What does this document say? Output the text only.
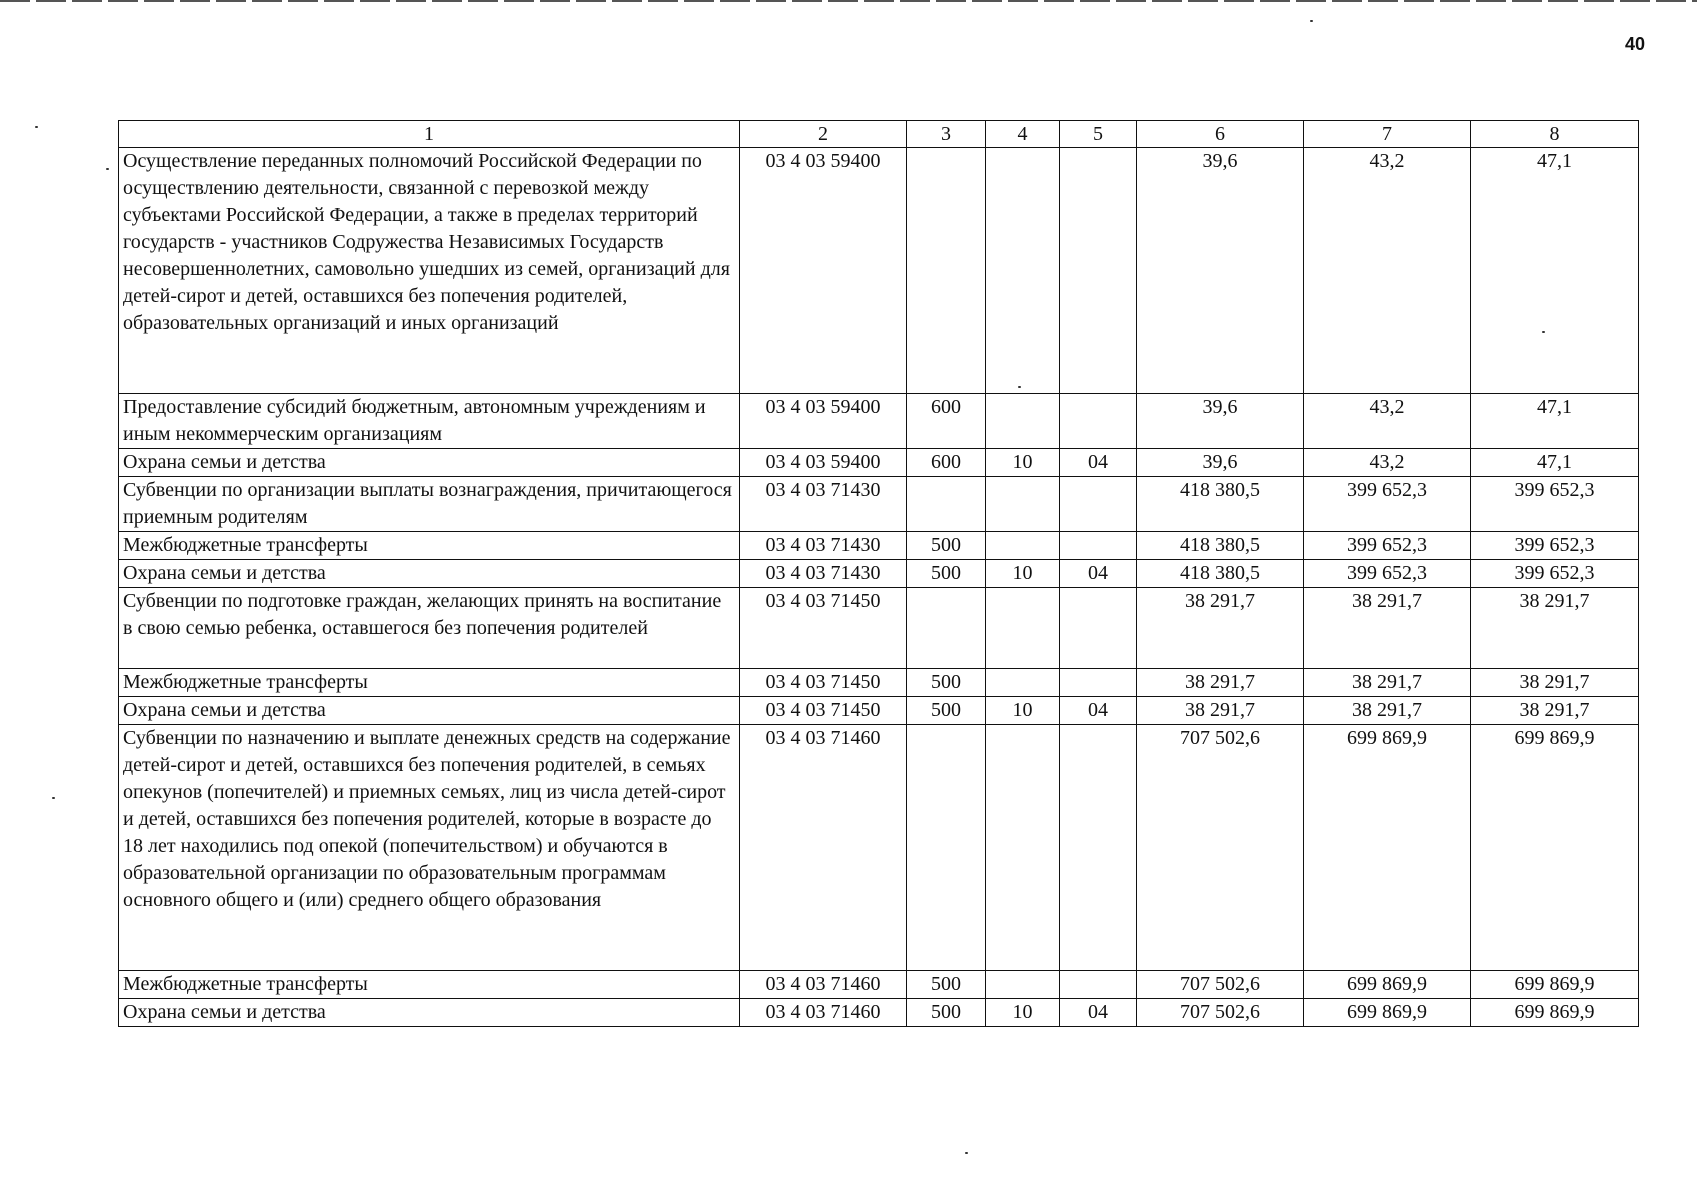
40
1	2	3	4	5	6	7	8
Осуществление переданных полномочий Российской Федерации по осуществлению деятельности, связанной с перевозкой между субъектами Российской Федерации, а также в пределах территорий государств - участников Содружества Независимых Государств несовершеннолетних, самовольно ушедших из семей, организаций для детей-сирот и детей, оставшихся без попечения родителей, образовательных организаций и иных организаций	03 4 03 59400				39,6	43,2	47,1
Предоставление субсидий бюджетным, автономным учреждениям и иным некоммерческим организациям	03 4 03 59400	600			39,6	43,2	47,1
Охрана семьи и детства	03 4 03 59400	600	10	04	39,6	43,2	47,1
Субвенции по организации выплаты вознаграждения, причитающегося приемным родителям	03 4 03 71430				418 380,5	399 652,3	399 652,3
Межбюджетные трансферты	03 4 03 71430	500			418 380,5	399 652,3	399 652,3
Охрана семьи и детства	03 4 03 71430	500	10	04	418 380,5	399 652,3	399 652,3
Субвенции по подготовке граждан, желающих принять на воспитание в свою семью ребенка, оставшегося без попечения родителей	03 4 03 71450				38 291,7	38 291,7	38 291,7
Межбюджетные трансферты	03 4 03 71450	500			38 291,7	38 291,7	38 291,7
Охрана семьи и детства	03 4 03 71450	500	10	04	38 291,7	38 291,7	38 291,7
Субвенции по назначению и выплате денежных средств на содержание детей-сирот и детей, оставшихся без попечения родителей, в семьях опекунов (попечителей) и приемных семьях, лиц из числа детей-сирот и детей, оставшихся без попечения родителей, которые в возрасте до 18 лет находились под опекой (попечительством) и обучаются в образовательной организации по образовательным программам основного общего и (или) среднего общего образования	03 4 03 71460				707 502,6	699 869,9	699 869,9
Межбюджетные трансферты	03 4 03 71460	500			707 502,6	699 869,9	699 869,9
Охрана семьи и детства	03 4 03 71460	500	10	04	707 502,6	699 869,9	699 869,9
